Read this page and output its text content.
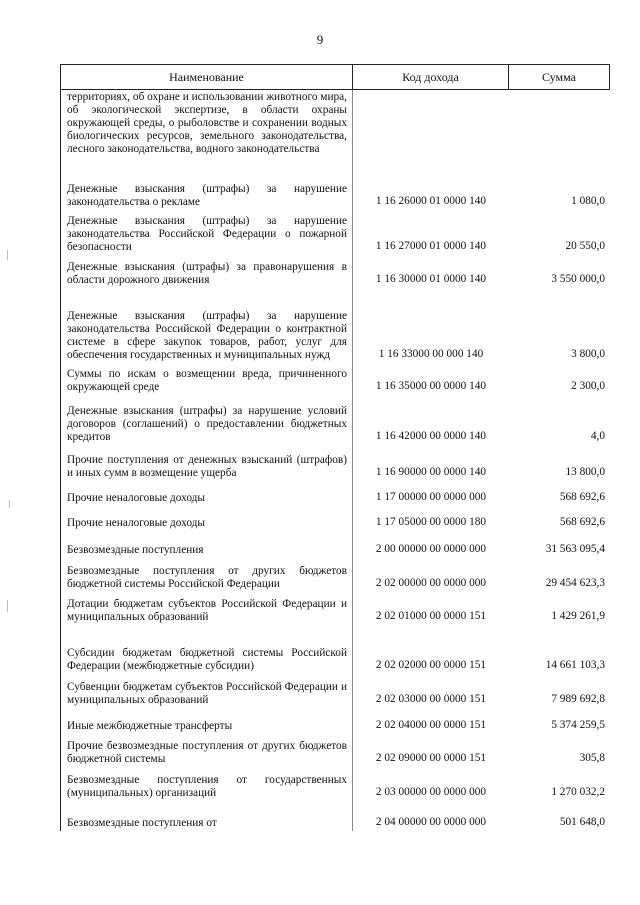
9
Наименование	Код дохода	Сумма
территориях, об охране и использовании животного мира, об экологической экспертизе, в области охраны окружающей среды, о рыболовстве и сохранении водных биологических ресурсов, земельного законодательства, лесного законодательства, водного законодательства
Денежные взыскания (штрафы) за нарушение законодательства о рекламе	1 16 26000 01 0000 140	1 080,0
Денежные взыскания (штрафы) за нарушение законодательства Российской Федерации о пожарной безопасности	1 16 27000 01 0000 140	20 550,0
Денежные взыскания (штрафы) за правонарушения в области дорожного движения	1 16 30000 01 0000 140	3 550 000,0
Денежные взыскания (штрафы) за нарушение законодательства Российской Федерации о контрактной системе в сфере закупок товаров, работ, услуг для обеспечения государственных и муниципальных нужд	1 16 33000 00 000 140	3 800,0
Суммы по искам о возмещении вреда, причиненного окружающей среде	1 16 35000 00 0000 140	2 300,0
Денежные взыскания (штрафы) за нарушение условий договоров (соглашений) о предоставлении бюджетных кредитов	1 16 42000 00 0000 140	4,0
Прочие поступления от денежных взысканий (штрафов) и иных сумм в возмещение ущерба	1 16 90000 00 0000 140	13 800,0
Прочие неналоговые доходы	1 17 00000 00 0000 000	568 692,6
Прочие неналоговые доходы	1 17 05000 00 0000 180	568 692,6
Безвозмездные поступления	2 00 00000 00 0000 000	31 563 095,4
Безвозмездные поступления от других бюджетов бюджетной системы Российской Федерации	2 02 00000 00 0000 000	29 454 623,3
Дотации бюджетам субъектов Российской Федерации и муниципальных образований	2 02 01000 00 0000 151	1 429 261,9
Субсидии бюджетам бюджетной системы Российской Федерации (межбюджетные субсидии)	2 02 02000 00 0000 151	14 661 103,3
Субвенции бюджетам субъектов Российской Федерации и муниципальных образований	2 02 03000 00 0000 151	7 989 692,8
Иные межбюджетные трансферты	2 02 04000 00 0000 151	5 374 259,5
Прочие безвозмездные поступления от других бюджетов бюджетной системы	2 02 09000 00 0000 151	305,8
Безвозмездные поступления от государственных (муниципальных) организаций	2 03 00000 00 0000 000	1 270 032,2
Безвозмездные поступления от	2 04 00000 00 0000 000	501 648,0
